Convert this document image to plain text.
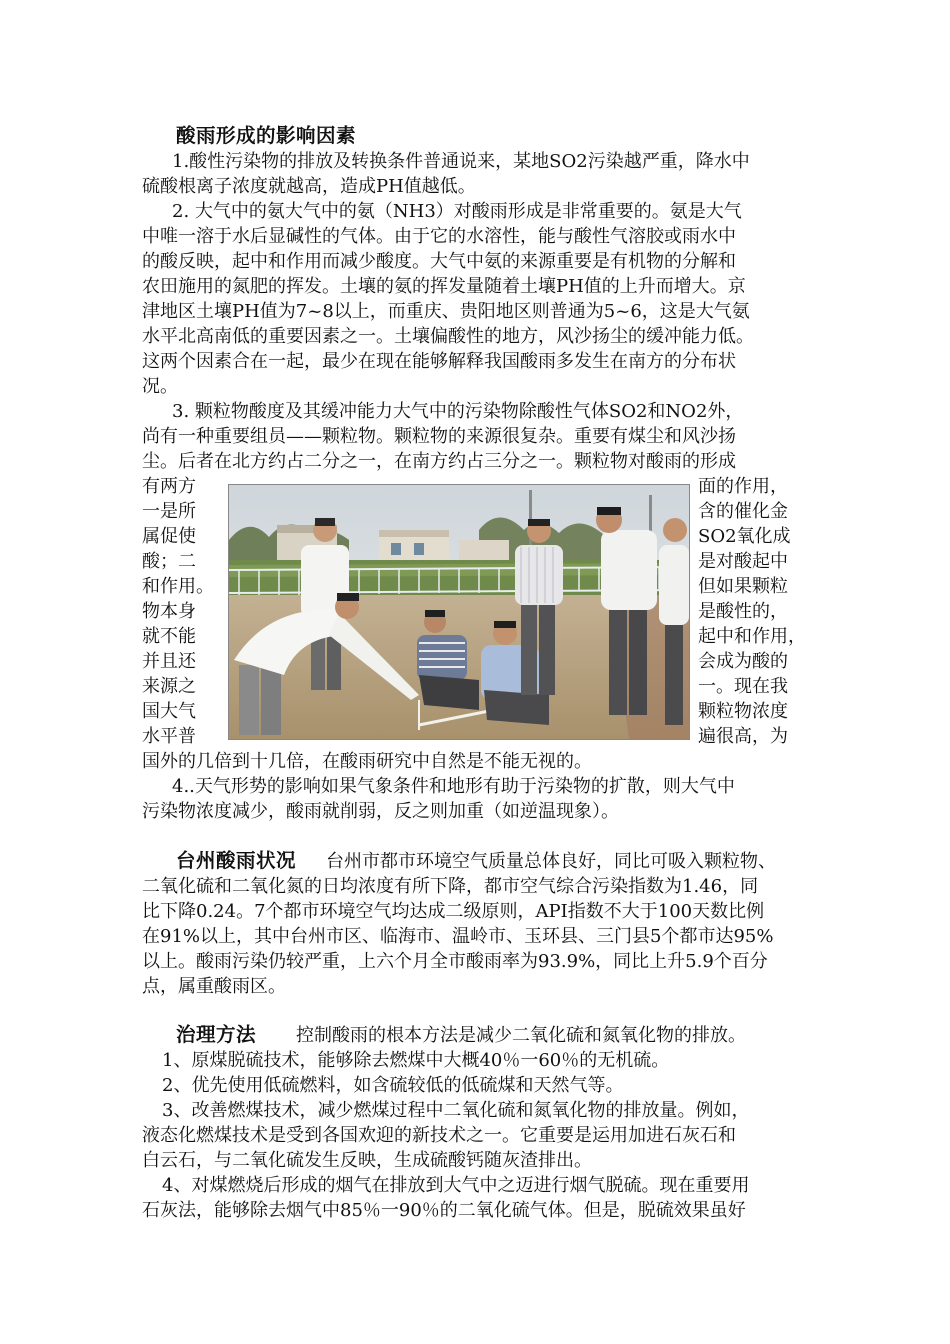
酸雨形成的影响因素
1.酸性污染物的排放及转换条件普通说来，某地SO2污染越严重，降水中
硫酸根离子浓度就越高，造成PH值越低。
2. 大气中的氨大气中的氨（NH3）对酸雨形成是非常重要的。氨是大气
中唯一溶于水后显碱性的气体。由于它的水溶性，能与酸性气溶胶或雨水中
的酸反映，起中和作用而减少酸度。大气中氨的来源重要是有机物的分解和
农田施用的氮肥的挥发。土壤的氨的挥发量随着土壤PH值的上升而增大。京
津地区土壤PH值为7~8以上，而重庆、贵阳地区则普通为5~6，这是大气氨
水平北高南低的重要因素之一。土壤偏酸性的地方，风沙扬尘的缓冲能力低。
这两个因素合在一起，最少在现在能够解释我国酸雨多发生在南方的分布状
况。
3. 颗粒物酸度及其缓冲能力大气中的污染物除酸性气体SO2和NO2外，
尚有一种重要组员——颗粒物。颗粒物的来源很复杂。重要有煤尘和风沙扬
尘。后者在北方约占二分之一，在南方约占三分之一。颗粒物对酸雨的形成
有两方
一是所
属促使
酸；二
和作用。
物本身
就不能
并且还
来源之
国大气
水平普
面的作用，
含的催化金
SO2氧化成
是对酸起中
但如果颗粒
是酸性的，
起中和作用，
会成为酸的
一。现在我
颗粒物浓度
遍很高，为
国外的几倍到十几倍，在酸雨研究中自然是不能无视的。
4..天气形势的影响如果气象条件和地形有助于污染物的扩散，则大气中
污染物浓度减少，酸雨就削弱，反之则加重（如逆温现象）。
台州酸雨状况 台州市都市环境空气质量总体良好，同比可吸入颗粒物、
二氧化硫和二氧化氮的日均浓度有所下降，都市空气综合污染指数为1.46，同
比下降0.24。7个都市环境空气均达成二级原则，API指数不大于100天数比例
在91%以上，其中台州市区、临海市、温岭市、玉环县、三门县5个都市达95%
以上。酸雨污染仍较严重，上六个月全市酸雨率为93.9%，同比上升5.9个百分
点，属重酸雨区。
治理方法 控制酸雨的根本方法是减少二氧化硫和氮氧化物的排放。
1、原煤脱硫技术，能够除去燃煤中大概40％一60％的无机硫。
2、优先使用低硫燃料，如含硫较低的低硫煤和天然气等。
3、改善燃煤技术，减少燃煤过程中二氧化硫和氮氧化物的排放量。例如，
液态化燃煤技术是受到各国欢迎的新技术之一。它重要是运用加进石灰石和
白云石，与二氧化硫发生反映，生成硫酸钙随灰渣排出。
4、对煤燃烧后形成的烟气在排放到大气中之迈进行烟气脱硫。现在重要用
石灰法，能够除去烟气中85％一90％的二氧化硫气体。但是，脱硫效果虽好
